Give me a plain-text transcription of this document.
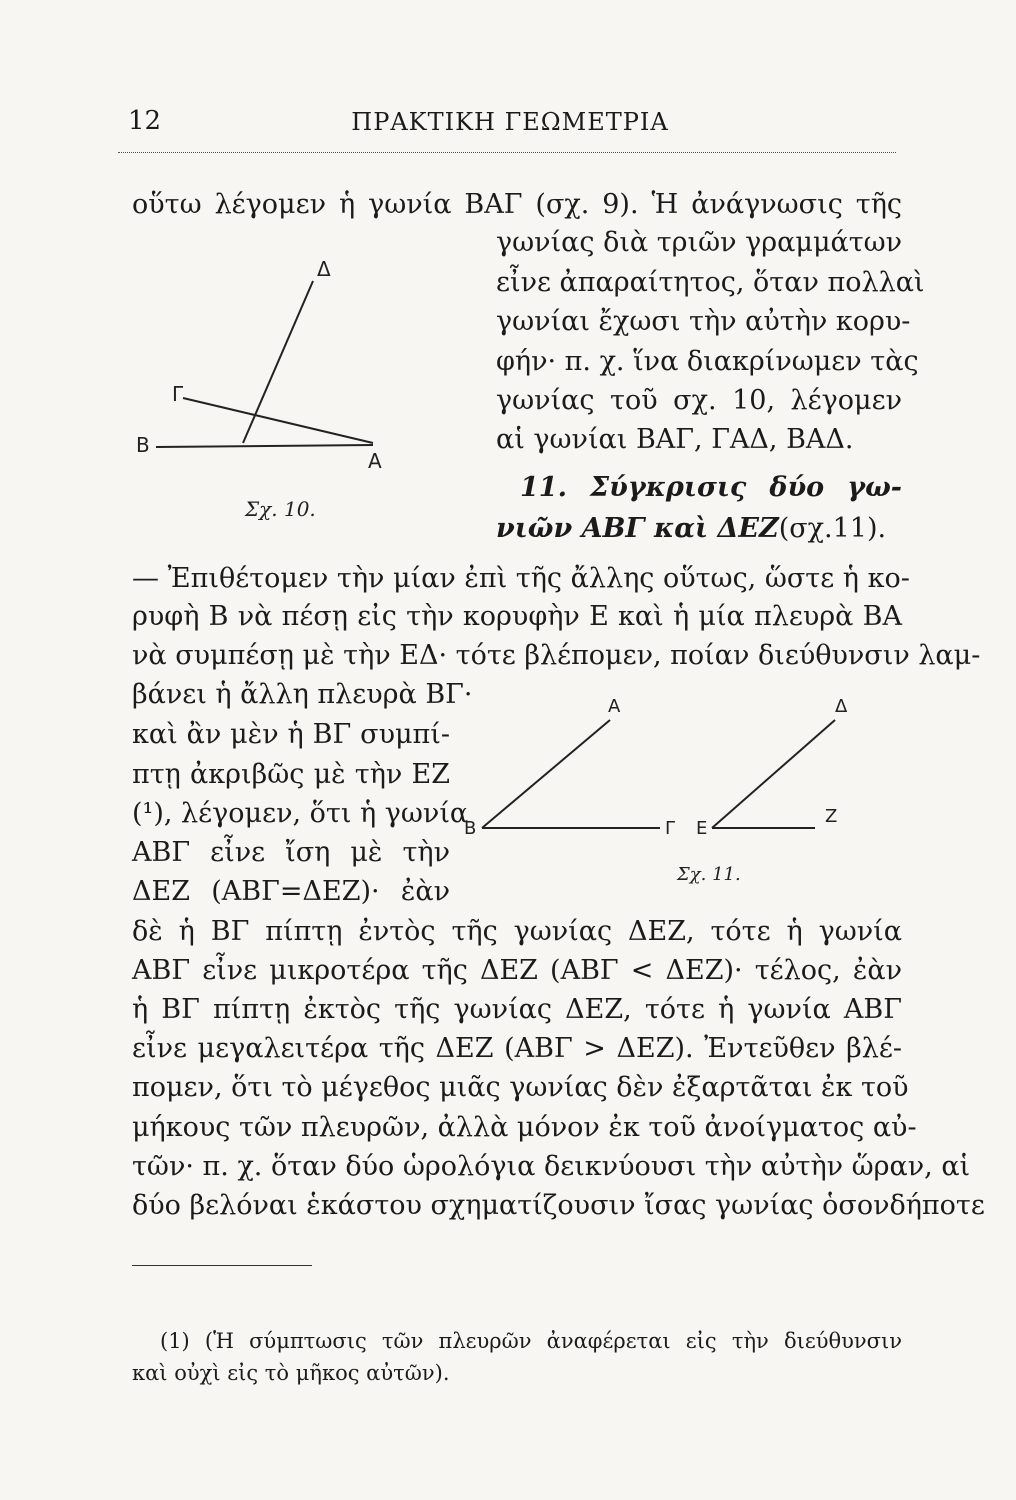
12	ΠΡΑΚΤΙΚΗ ΓΕΩΜΕΤΡΙΑ
οὕτω λέγομεν ἡ γωνία ΒΑΓ (σχ. 9). Ἡ ἀνάγνωσις τῆς
γωνίας διὰ τριῶν γραμμάτων
εἶνε ἀπαραίτητος, ὅταν πολλαὶ
γωνίαι ἔχωσι τὴν αὐτὴν κορυ-
φήν· π. χ. ἵνα διακρίνωμεν τὰς
γωνίας τοῦ σχ. 10, λέγομεν
αἱ γωνίαι ΒΑΓ, ΓΑΔ, ΒΑΔ.
11. Σύγκρισις δύο γω-
νιῶν ΑΒΓ καὶ ΔΕΖ(σχ.11).
Δ
Γ
Β
Α
Σχ. 10.
— Ἐπιθέτομεν τὴν μίαν ἐπὶ τῆς ἄλλης οὕτως, ὥστε ἡ κο-
ρυφὴ Β νὰ πέσῃ εἰς τὴν κορυφὴν Ε καὶ ἡ μία πλευρὰ ΒΑ
νὰ συμπέσῃ μὲ τὴν ΕΔ· τότε βλέπομεν, ποίαν διεύθυνσιν λαμ-
βάνει ἡ ἄλλη πλευρὰ ΒΓ·
καὶ ἂν μὲν ἡ ΒΓ συμπί-
πτῃ ἀκριβῶς μὲ τὴν ΕΖ
(¹), λέγομεν, ὅτι ἡ γωνία
ΑΒΓ εἶνε ἴση μὲ τὴν
ΔΕΖ (ΑΒΓ=ΔΕΖ)· ἐὰν
Α
Β	Γ
Δ
Ε
Ζ
Σχ. 11.
δὲ ἡ ΒΓ πίπτῃ ἐντὸς τῆς γωνίας ΔΕΖ, τότε ἡ γωνία
ΑΒΓ εἶνε μικροτέρα τῆς ΔΕΖ (ΑΒΓ < ΔΕΖ)· τέλος, ἐὰν
ἡ ΒΓ πίπτῃ ἐκτὸς τῆς γωνίας ΔΕΖ, τότε ἡ γωνία ΑΒΓ
εἶνε μεγαλειτέρα τῆς ΔΕΖ (ΑΒΓ > ΔΕΖ). Ἐντεῦθεν βλέ-
πομεν, ὅτι τὸ μέγεθος μιᾶς γωνίας δὲν ἐξαρτᾶται ἐκ τοῦ
μήκους τῶν πλευρῶν, ἀλλὰ μόνον ἐκ τοῦ ἀνοίγματος αὐ-
τῶν· π. χ. ὅταν δύο ὡρολόγια δεικνύουσι τὴν αὐτὴν ὥραν, αἱ
δύο βελόναι ἑκάστου σχηματίζουσιν ἴσας γωνίας ὁσονδήποτε
(1) (Ἡ σύμπτωσις τῶν πλευρῶν ἀναφέρεται εἰς τὴν διεύθυνσιν
καὶ οὐχὶ εἰς τὸ μῆκος αὐτῶν).
